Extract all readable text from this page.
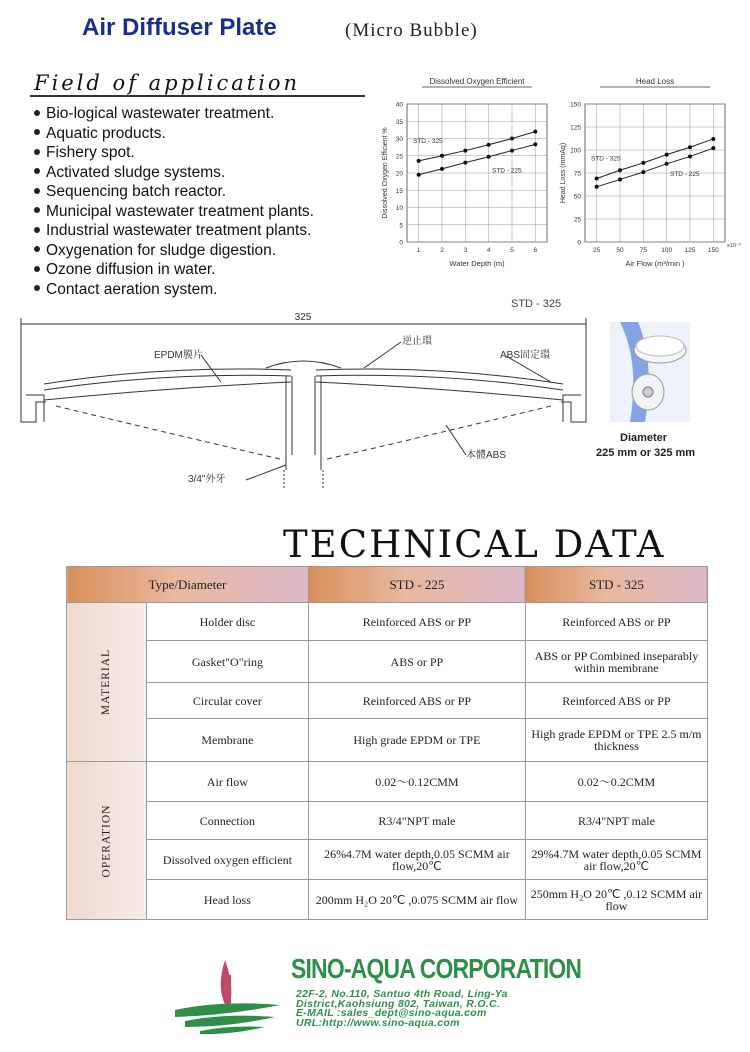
Air Diffuser Plate	(Micro Bubble)
Field of application
Bio-logical wastewater treatment.
Aquatic products.
Fishery spot.
Activated sludge systems.
Sequencing batch reactor.
Municipal wastewater treatment plants.
Industrial wastewater treatment plants.
Oxygenation for sludge digestion.
Ozone diffusion in water.
Contact aeration system.
Dissolved Oxygen Efficient
0
5
10
15
20
25
30
35
40
1	2	3	4	5	6
Water Depth (m)
Dissolved Oxygen Efficient %	STD - 325
STD - 225
Head Loss
0
25
50
75
100
125
150
25 50 75 100 125 150
x10⁻³
Air Flow (m³/min )
Head Loss (mmAq)	STD - 325
STD - 225
STD - 325
325
EPDM膜片
逆止環
ABS固定環
本體ABS
3/4"外牙
Diameter
225 mm or 325 mm
TECHNICAL DATA
Type/Diameter		STD - 225	STD - 325
MATERIAL	Holder disc	Reinforced ABS or PP	Reinforced ABS or PP
	Gasket"O"ring	ABS or PP	ABS or PP Combined inseparably within membrane
	Circular cover	Reinforced ABS or PP	Reinforced ABS or PP
	Membrane	High grade EPDM or TPE	High grade EPDM or TPE 2.5 m/m thickness
OPERATION	Air flow	0.02～0.12CMM	0.02～0.2CMM
	Connection	R3/4"NPT male	R3/4"NPT male
	Dissolved oxygen efficient	26%4.7M water depth,0.05 SCMM air flow,20℃	29%4.7M water depth,0.05 SCMM air flow,20℃
	Head loss	200mm H₂O 20℃ ,0.075 SCMM air flow	250mm H₂O 20℃ ,0.12 SCMM air flow
SINO-AQUA CORPORATION
22F-2, No.110, Santuo 4th Road, Ling-Ya
District,Kaohsiung 802, Taiwan, R.O.C.
E-MAIL :sales_dept@sino-aqua.com
URL:http://www.sino-aqua.com
